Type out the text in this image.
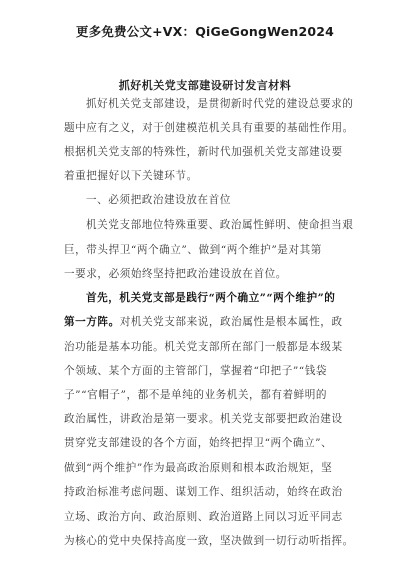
更多免费公文+VX：QiGeGongWen2024
抓好机关党支部建设研讨发言材料
抓好机关党支部建设，是贯彻新时代党的建设总要求的
题中应有之义，对于创建模范机关具有重要的基础性作用。
根据机关党支部的特殊性，新时代加强机关党支部建设要
着重把握好以下关键环节。
一、必须把政治建设放在首位
机关党支部地位特殊重要、政治属性鲜明、使命担当艰
巨，带头捍卫“两个确立”、做到“两个维护”是对其第
一要求，必须始终坚持把政治建设放在首位。
首先，机关党支部是践行“两个确立”“两个维护”的
第一方阵。对机关党支部来说，政治属性是根本属性，政
治功能是基本功能。机关党支部所在部门一般都是本级某
个领域、某个方面的主管部门，掌握着“印把子”“钱袋
子”“官帽子”，都不是单纯的业务机关，都有着鲜明的
政治属性，讲政治是第一要求。机关党支部要把政治建设
贯穿党支部建设的各个方面，始终把捍卫“两个确立”、
做到“两个维护”作为最高政治原则和根本政治规矩，坚
持政治标准考虑问题、谋划工作、组织活动，始终在政治
立场、政治方向、政治原则、政治道路上同以习近平同志
为核心的党中央保持高度一致，坚决做到一切行动听指挥。
